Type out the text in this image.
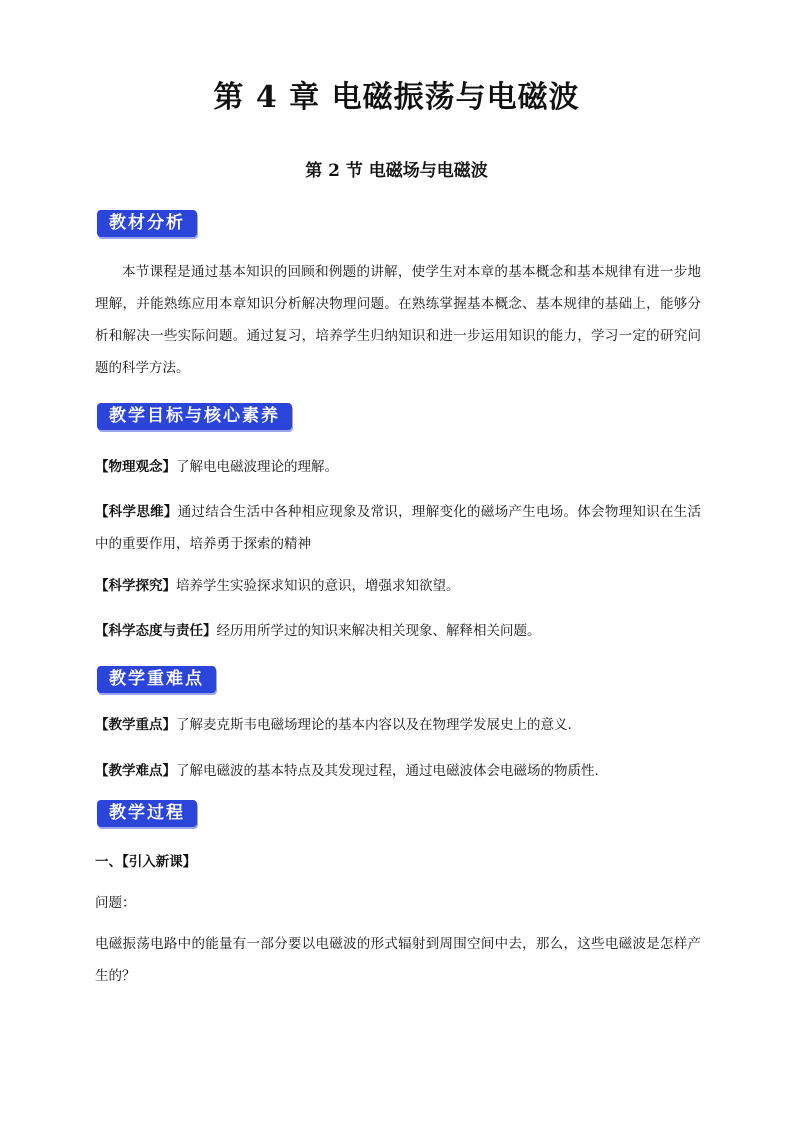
第 4 章 电磁振荡与电磁波
第 2 节 电磁场与电磁波
教材分析

本节课程是通过基本知识的回顾和例题的讲解，使学生对本章的基本概念和基本规律有进一步地理解，并能熟练应用本章知识分析解决物理问题。在熟练掌握基本概念、基本规律的基础上，能够分析和解决一些实际问题。通过复习，培养学生归纳知识和进一步运用知识的能力，学习一定的研究问题的科学方法。

教学目标与核心素养

【物理观念】了解电电磁波理论的理解。

【科学思维】通过结合生活中各种相应现象及常识，理解变化的磁场产生电场。体会物理知识在生活中的重要作用，培养勇于探索的精神

【科学探究】培养学生实验探求知识的意识，增强求知欲望。

【科学态度与责任】经历用所学过的知识来解决相关现象、解释相关问题。

教学重难点

【教学重点】了解麦克斯韦电磁场理论的基本内容以及在物理学发展史上的意义.

【教学难点】了解电磁波的基本特点及其发现过程，通过电磁波体会电磁场的物质性.

教学过程

一、【引入新课】

问题：

电磁振荡电路中的能量有一部分要以电磁波的形式辐射到周围空间中去，那么，这些电磁波是怎样产生的？
